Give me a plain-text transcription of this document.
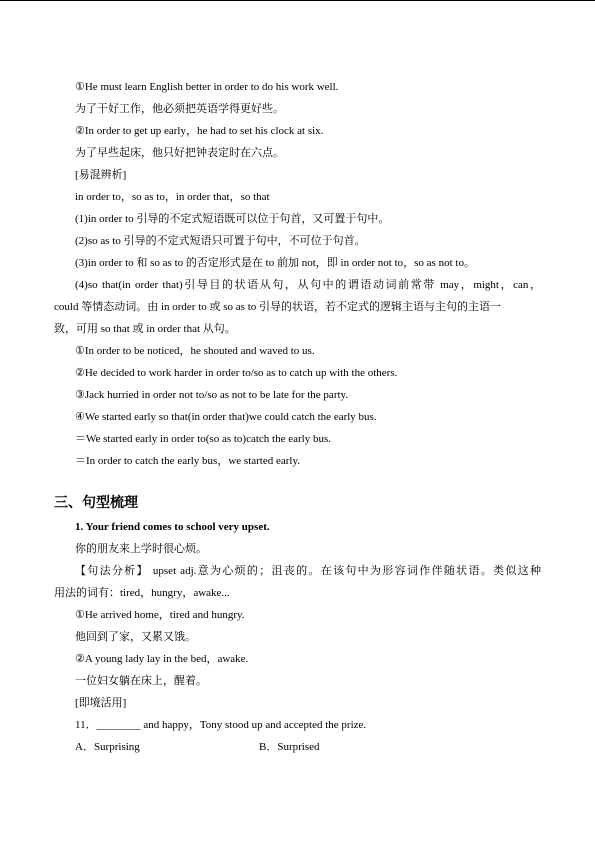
①He must learn English better in order to do his work well.
为了干好工作，他必须把英语学得更好些。
②In order to get up early，he had to set his clock at six.
为了早些起床，他只好把钟表定时在六点。
[易混辨析]
in order to，so as to，in order that，so that
(1)in order to 引导的不定式短语既可以位于句首，又可置于句中。
(2)so as to 引导的不定式短语只可置于句中，不可位于句首。
(3)in order to 和 so as to 的否定形式是在 to 前加 not，即 in order not to，so as not to。
(4)so that(in order that)引导目的状语从句，从句中的谓语动词前常带 may，might，can，
could 等情态动词。由 in order to 或 so as to 引导的状语，若不定式的逻辑主语与主句的主语一
致，可用 so that 或 in order that 从句。
①In order to be noticed，he shouted and waved to us.
②He decided to work harder in order to/so as to catch up with the others.
③Jack hurried in order not to/so as not to be late for the party.
④We started early so that(in order that)we could catch the early bus.
＝We started early in order to(so as to)catch the early bus.
＝In order to catch the early bus，we started early.
三、句型梳理
1. Your friend comes to school very upset.
你的朋友来上学时很心烦。
【句法分析】 upset adj.意为心烦的；沮丧的。在该句中为形容词作伴随状语。类似这种
用法的词有：tired，hungry，awake...
①He arrived home，tired and hungry.
他回到了家，又累又饿。
②A young lady lay in the bed，awake.
一位妇女躺在床上，醒着。
[即境活用]
11．________ and happy，Tony stood up and accepted the prize.
A．Surprising	B．Surprised
